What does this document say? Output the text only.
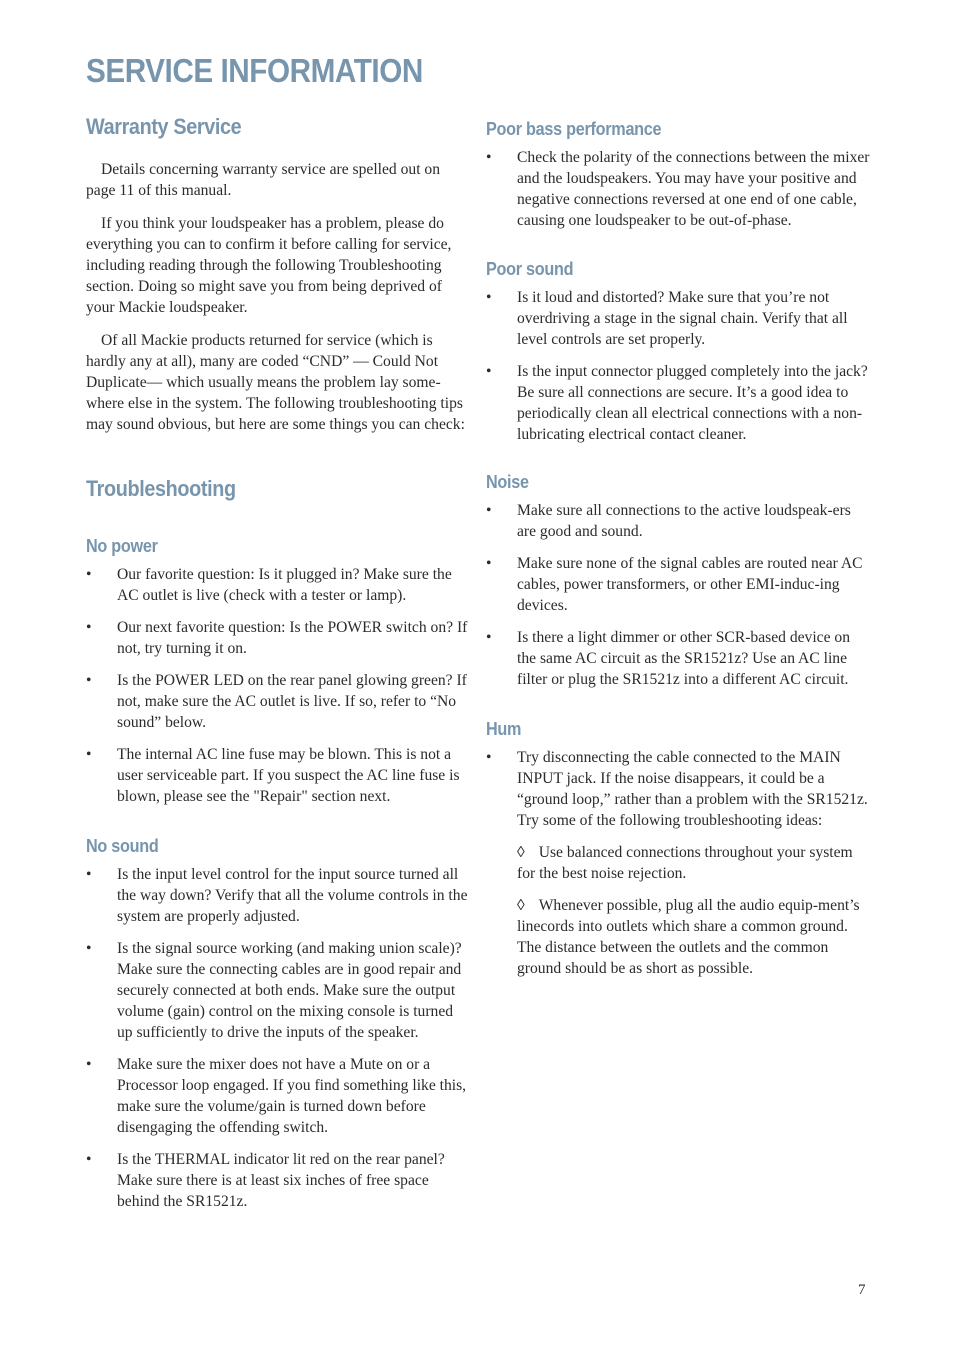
SERVICE INFORMATION
Warranty Service

Details concerning warranty service are spelled out on page 11 of this manual.

If you think your loudspeaker has a problem, please do everything you can to confirm it before calling for service, including reading through the following Troubleshooting section. Doing so might save you from being deprived of your Mackie loudspeaker.

Of all Mackie products returned for service (which is hardly any at all), many are coded “CND” — Could Not Duplicate— which usually means the problem lay some-where else in the system. The following troubleshooting tips may sound obvious, but here are some things you can check:

Troubleshooting
No power
• Our favorite question: Is it plugged in? Make sure the AC outlet is live (check with a tester or lamp).
• Our next favorite question: Is the POWER switch on? If not, try turning it on.
• Is the POWER LED on the rear panel glowing green? If not, make sure the AC outlet is live. If so, refer to “No sound” below.
• The internal AC line fuse may be blown. This is not a user serviceable part. If you suspect the AC line fuse is blown, please see the "Repair" section next.
No sound
• Is the input level control for the input source turned all the way down? Verify that all the volume controls in the system are properly adjusted.
• Is the signal source working (and making union scale)? Make sure the connecting cables are in good repair and securely connected at both ends. Make sure the output volume (gain) control on the mixing console is turned up sufficiently to drive the inputs of the speaker.
• Make sure the mixer does not have a Mute on or a Processor loop engaged. If you find something like this, make sure the volume/gain is turned down before disengaging the offending switch.
• Is the THERMAL indicator lit red on the rear panel? Make sure there is at least six inches of free space behind the SR1521z.
Poor bass performance
• Check the polarity of the connections between the mixer and the loudspeakers. You may have your positive and negative connections reversed at one end of one cable, causing one loudspeaker to be out-of-phase.
Poor sound
• Is it loud and distorted? Make sure that you’re not overdriving a stage in the signal chain. Verify that all level controls are set properly.
• Is the input connector plugged completely into the jack? Be sure all connections are secure. It’s a good idea to periodically clean all electrical connections with a non-lubricating electrical contact cleaner.
Noise
• Make sure all connections to the active loudspeak-ers are good and sound.
• Make sure none of the signal cables are routed near AC cables, power transformers, or other EMI-induc-ing devices.
• Is there a light dimmer or other SCR-based device on the same AC circuit as the SR1521z? Use an AC line filter or plug the SR1521z into a different AC circuit.
Hum
• Try disconnecting the cable connected to the MAIN INPUT jack. If the noise disappears, it could be a “ground loop,” rather than a problem with the SR1521z. Try some of the following troubleshooting ideas:
◊ Use balanced connections throughout your system for the best noise rejection.
◊ Whenever possible, plug all the audio equip-ment’s linecords into outlets which share a common ground. The distance between the outlets and the common ground should be as short as possible.
7
